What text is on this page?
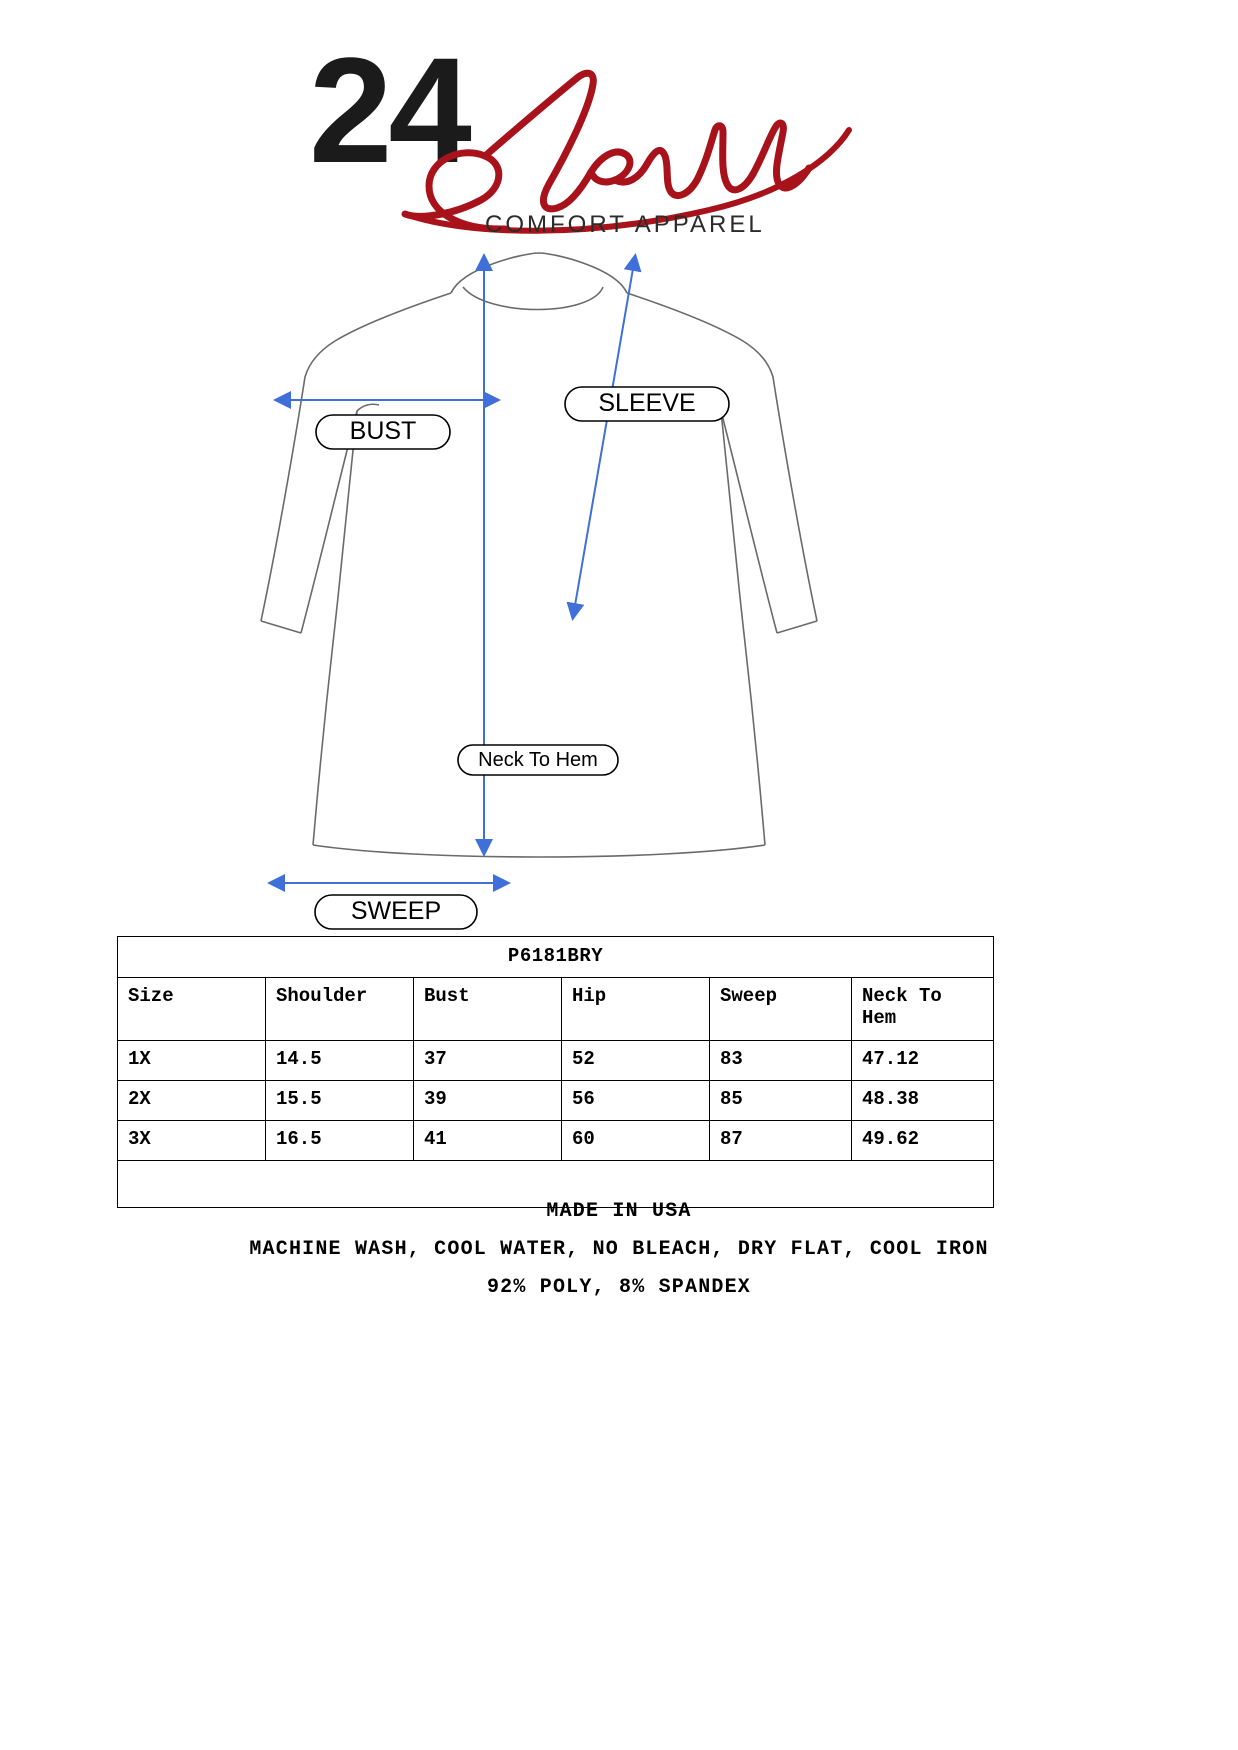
24
COMFORT APPAREL
BUST
SLEEVE
Neck To Hem
SWEEP
P6181BRY					
Size	Shoulder	Bust	Hip	Sweep	Neck To Hem
1X	14.5	37	52	83	47.12
2X	15.5	39	56	85	48.38
3X	16.5	41	60	87	49.62

MADE IN USA
MACHINE WASH, COOL WATER, NO BLEACH, DRY FLAT, COOL IRON
92% POLY, 8% SPANDEX
